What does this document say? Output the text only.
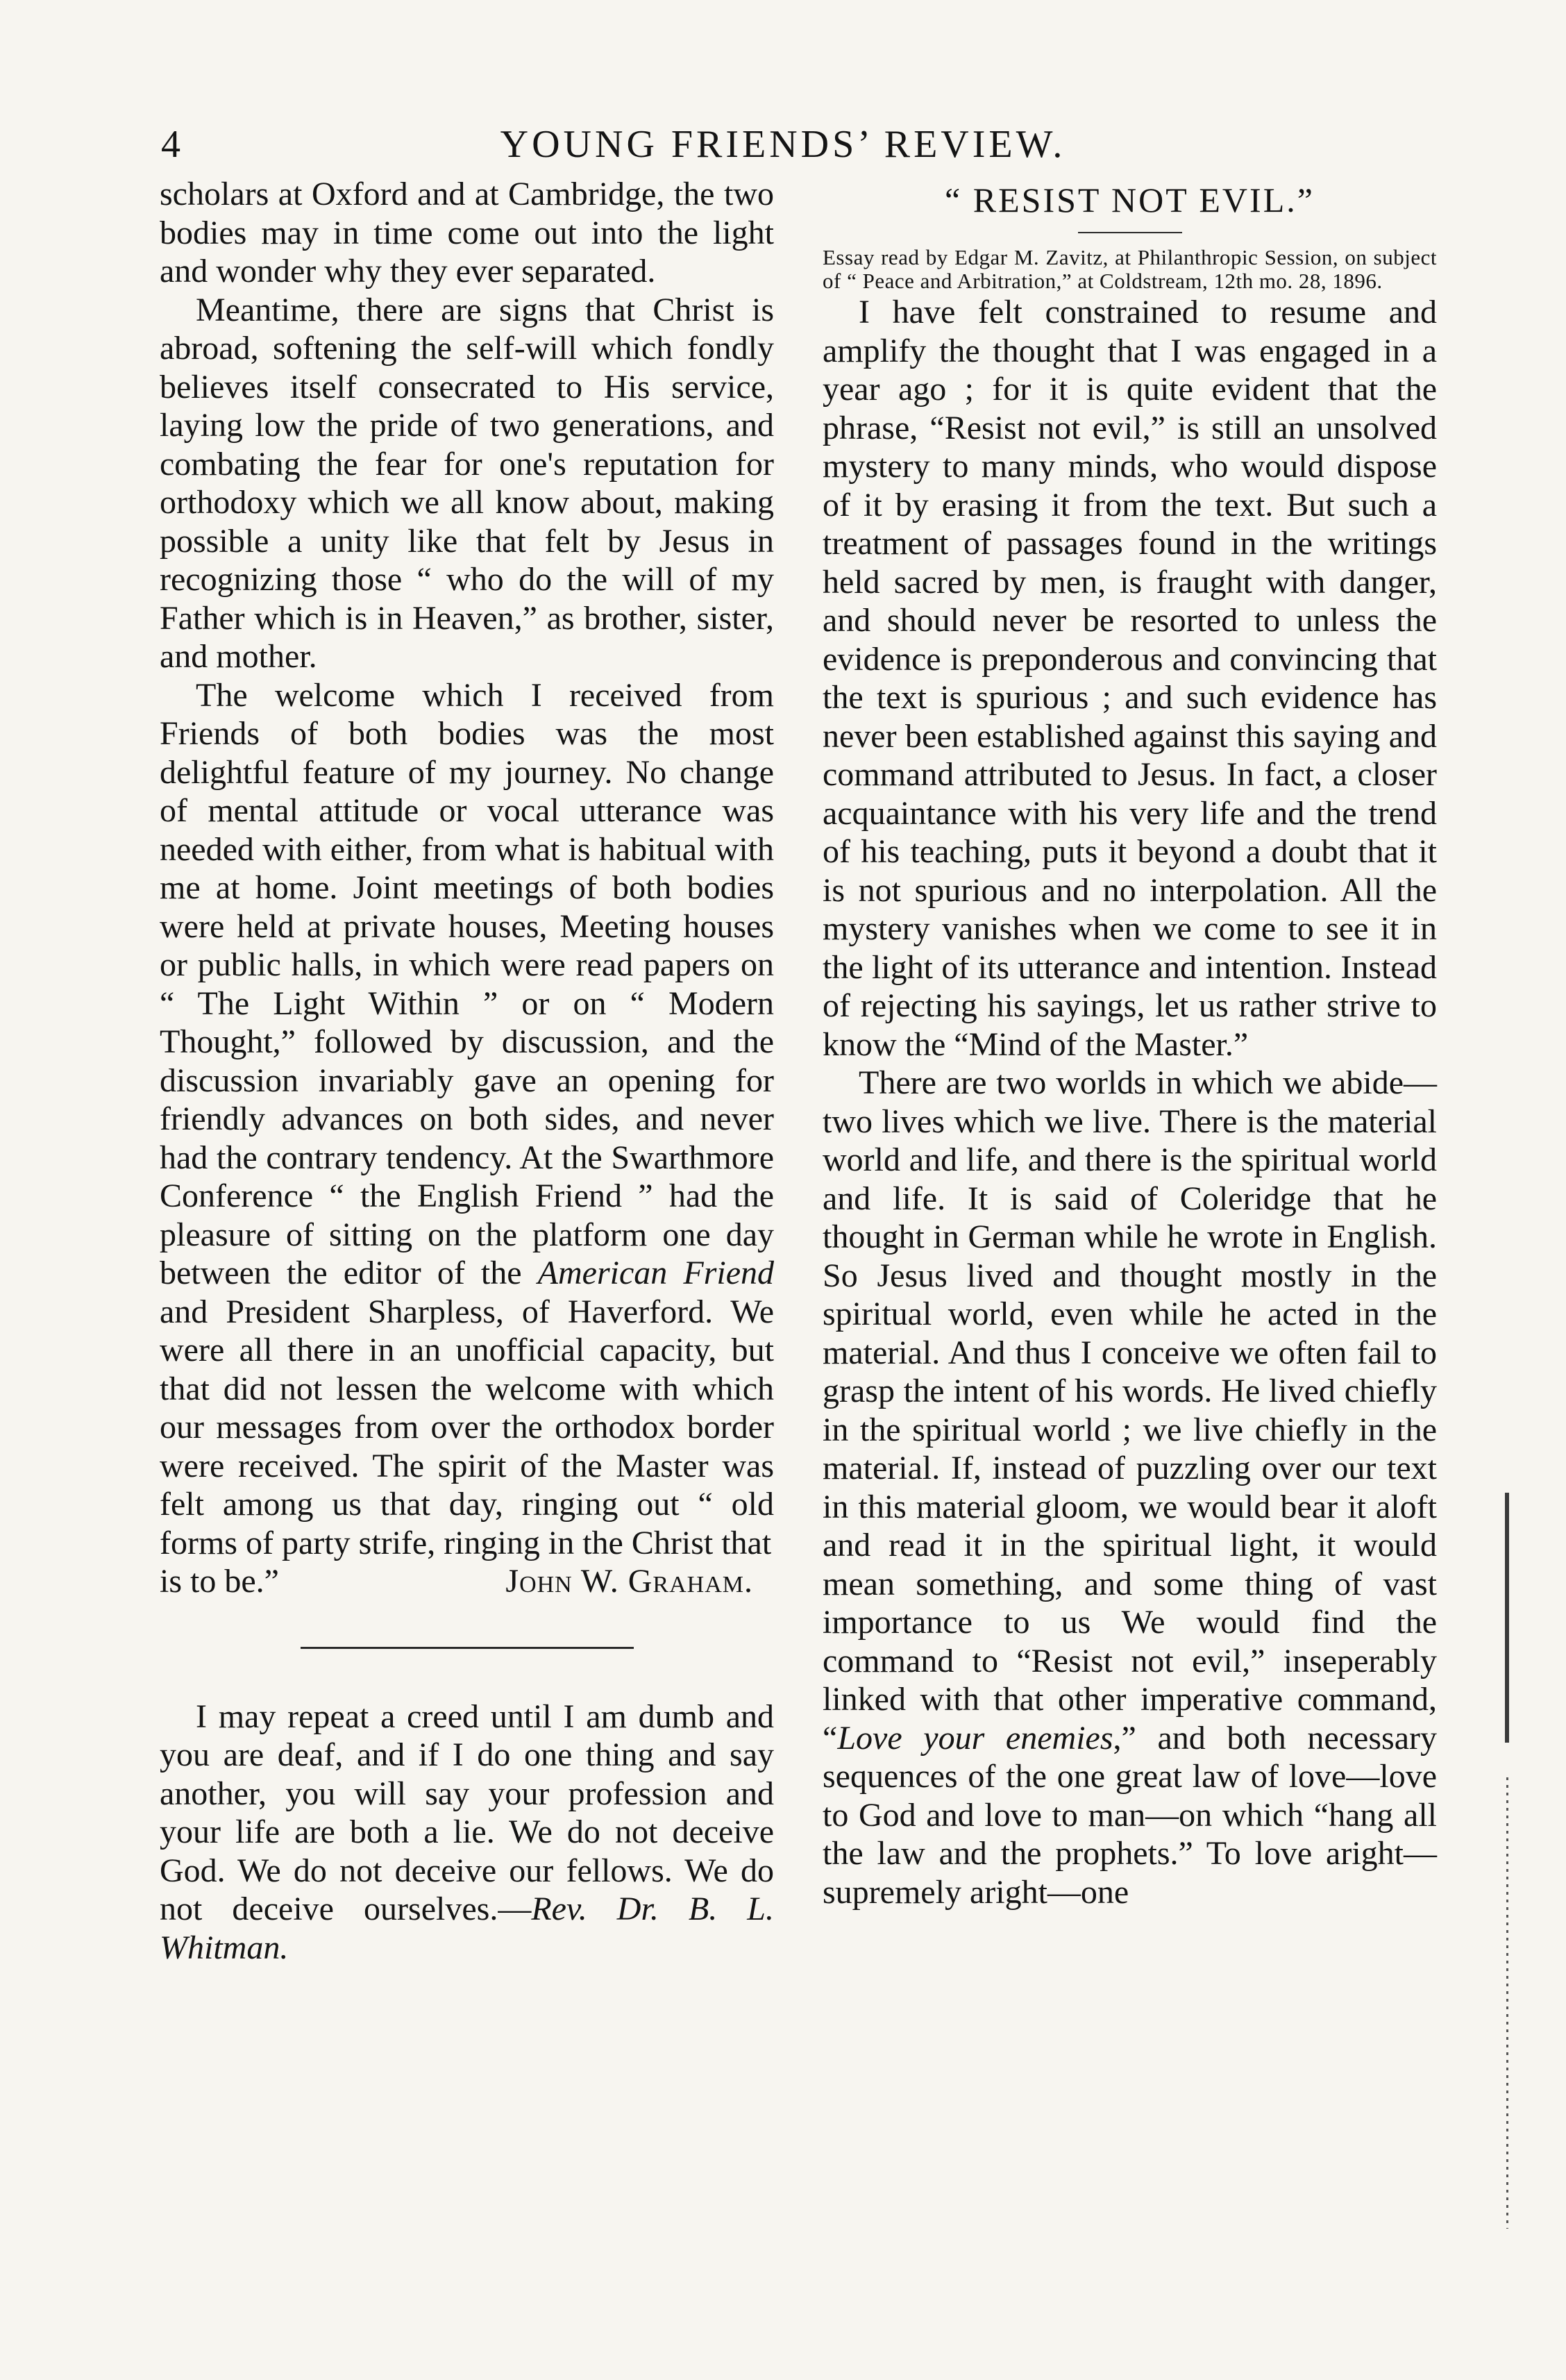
4	YOUNG FRIENDS’ REVIEW.

scholars at Oxford and at Cambridge, the two bodies may in time come out into the light and wonder why they ever separated.

Meantime, there are signs that Christ is abroad, softening the self-will which fondly believes itself consecrated to His service, laying low the pride of two generations, and combating the fear for one's reputation for orthodoxy which we all know about, making possible a unity like that felt by Jesus in recognizing those “ who do the will of my Father which is in Heaven,” as brother, sister, and mother.

The welcome which I received from Friends of both bodies was the most delightful feature of my journey. No change of mental attitude or vocal utterance was needed with either, from what is habitual with me at home. Joint meetings of both bodies were held at private houses, Meeting houses or public halls, in which were read papers on “ The Light Within ” or on “ Modern Thought,” followed by discussion, and the discussion invariably gave an opening for friendly advances on both sides, and never had the contrary tendency. At the Swarthmore Conference “ the English Friend ” had the pleasure of sitting on the platform one day between the editor of the American Friend and President Sharpless, of Haverford. We were all there in an unofficial capacity, but that did not lessen the welcome with which our messages from over the orthodox border were received. The spirit of the Master was felt among us that day, ringing out “ old forms of party strife, ringing in the Christ that

is to be.”	John W. Graham.

I may repeat a creed until I am dumb and you are deaf, and if I do one thing and say another, you will say your profession and your life are both a lie. We do not deceive God. We do not deceive our fellows. We do not deceive ourselves.—Rev. Dr. B. L. Whitman.

“ RESIST NOT EVIL.”

Essay read by Edgar M. Zavitz, at Philanthropic Session, on subject of “ Peace and Arbitration,” at Coldstream, 12th mo. 28, 1896.

I have felt constrained to resume and amplify the thought that I was engaged in a year ago ; for it is quite evident that the phrase, “Resist not evil,” is still an unsolved mystery to many minds, who would dispose of it by erasing it from the text. But such a treatment of passages found in the writings held sacred by men, is fraught with danger, and should never be resorted to unless the evidence is preponderous and convincing that the text is spurious ; and such evidence has never been established against this saying and command attributed to Jesus. In fact, a closer acquaintance with his very life and the trend of his teaching, puts it beyond a doubt that it is not spurious and no interpolation. All the mystery vanishes when we come to see it in the light of its utterance and intention. Instead of rejecting his sayings, let us rather strive to know the “Mind of the Master.”

There are two worlds in which we abide—two lives which we live. There is the material world and life, and there is the spiritual world and life. It is said of Coleridge that he thought in German while he wrote in English. So Jesus lived and thought mostly in the spiritual world, even while he acted in the material. And thus I conceive we often fail to grasp the intent of his words. He lived chiefly in the spiritual world ; we live chiefly in the material. If, instead of puzzling over our text in this material gloom, we would bear it aloft and read it in the spiritual light, it would mean something, and some thing of vast importance to us We would find the command to “Resist not evil,” inseperably linked with that other imperative command, “Love your enemies,” and both necessary sequences of the one great law of love—love to God and love to man—on which “hang all the law and the prophets.” To love aright—supremely aright—one
